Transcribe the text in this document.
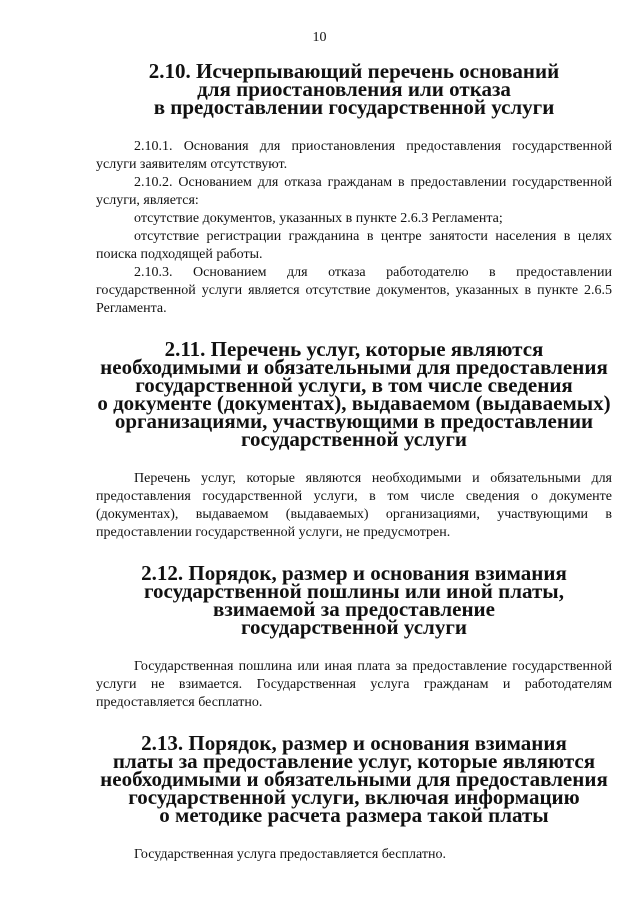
10
2.10. Исчерпывающий перечень оснований
для приостановления или отказа
в предоставлении государственной услуги

2.10.1. Основания для приостановления предоставления государственной услуги заявителям отсутствуют.

2.10.2. Основанием для отказа гражданам в предоставлении государственной услуги, является:

отсутствие документов, указанных в пункте 2.6.3 Регламента;

отсутствие регистрации гражданина в центре занятости населения в целях поиска подходящей работы.

2.10.3. Основанием для отказа работодателю в предоставлении государственной услуги является отсутствие документов, указанных в пункте 2.6.5 Регламента.

2.11. Перечень услуг, которые являются
необходимыми и обязательными для предоставления
государственной услуги, в том числе сведения
о документе (документах), выдаваемом (выдаваемых)
организациями, участвующими в предоставлении
государственной услуги

Перечень услуг, которые являются необходимыми и обязательными для предоставления государственной услуги, в том числе сведения о документе (документах), выдаваемом (выдаваемых) организациями, участвующими в предоставлении государственной услуги, не предусмотрен.

2.12. Порядок, размер и основания взимания
государственной пошлины или иной платы,
взимаемой за предоставление
государственной услуги

Государственная пошлина или иная плата за предоставление государственной услуги не взимается. Государственная услуга гражданам и работодателям предоставляется бесплатно.

2.13. Порядок, размер и основания взимания
платы за предоставление услуг, которые являются
необходимыми и обязательными для предоставления
государственной услуги, включая информацию
о методике расчета размера такой платы

Государственная услуга предоставляется бесплатно.
